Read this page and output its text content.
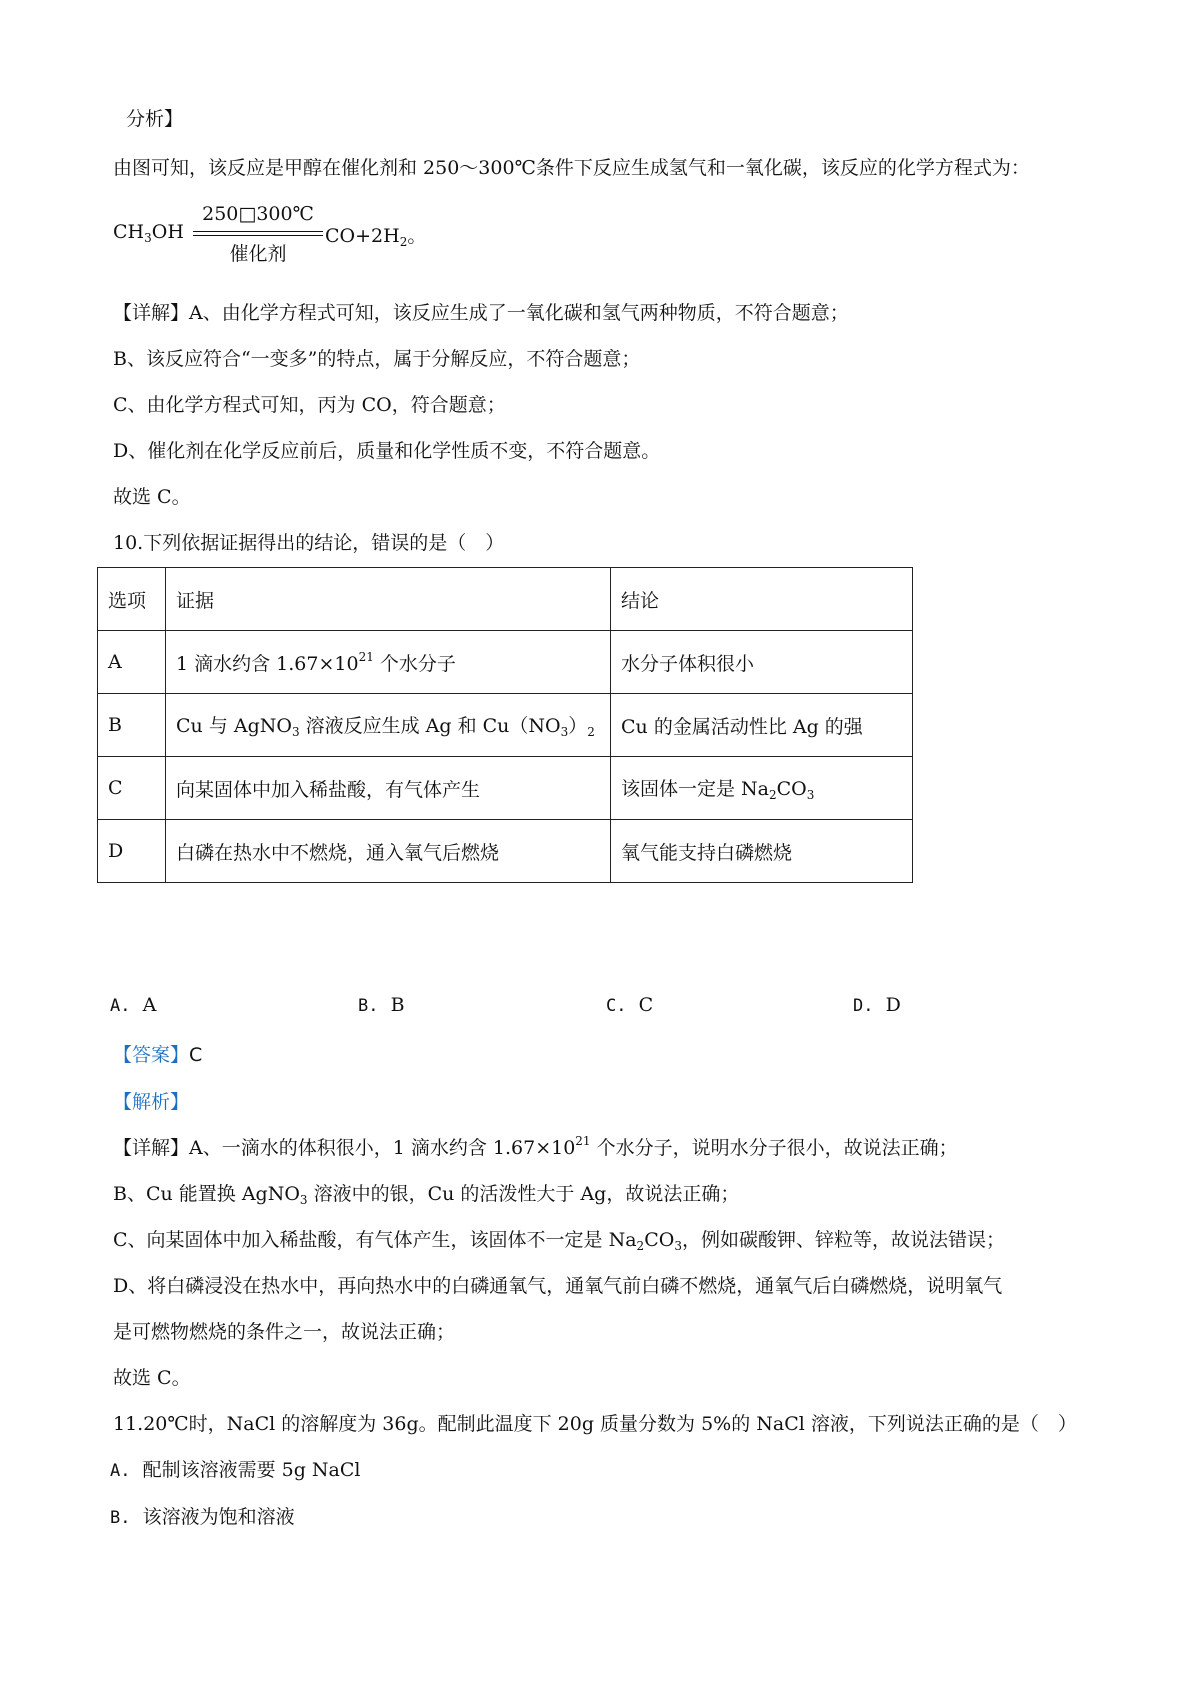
分析】
由图可知，该反应是甲醇在催化剂和 250～300℃条件下反应生成氢气和一氧化碳，该反应的化学方程式为：
$CH_3OH$
250□300℃
催化剂
$CO+2H_2$。
【详解】A、由化学方程式可知，该反应生成了一氧化碳和氢气两种物质，不符合题意；
B、该反应符合“一变多”的特点，属于分解反应，不符合题意；
C、由化学方程式可知，丙为 CO，符合题意；
D、催化剂在化学反应前后，质量和化学性质不变，不符合题意。
故选 C。
10.下列依据证据得出的结论，错误的是（　）
选项	证据	结论
A	1 滴水约含 $1.67\times 10^{21}$ 个水分子	水分子体积很小
B	Cu 与 AgNO$_3$ 溶液反应生成 Ag 和 $Cu(NO_3)_2$	Cu 的金属活动性比 Ag 的强
C	向某固体中加入稀盐酸，有气体产生	该固体一定是 $Na_2CO_3$
D	白磷在热水中不燃烧，通入氧气后燃烧	氧气能支持白磷燃烧
A. A	B. B	C. C	D. D
【答案】C
【解析】
【详解】A、一滴水的体积很小，1 滴水约含 $1.67\times 10^{21}$ 个水分子，说明水分子很小，故说法正确；
B、Cu 能置换 AgNO$_3$ 溶液中的银，Cu 的活泼性大于 Ag，故说法正确；
C、向某固体中加入稀盐酸，有气体产生，该固体不一定是 $Na_2CO_3$，例如碳酸钾、锌粒等，故说法错误；
D、将白磷浸没在热水中，再向热水中的白磷通氧气，通氧气前白磷不燃烧，通氧气后白磷燃烧，说明氧气
是可燃物燃烧的条件之一，故说法正确；
故选 C。
11.20℃时，NaCl 的溶解度为 36g。配制此温度下 20g 质量分数为 5%的 NaCl 溶液，下列说法正确的是（　）
A. 配制该溶液需要 5g NaCl
B. 该溶液为饱和溶液
